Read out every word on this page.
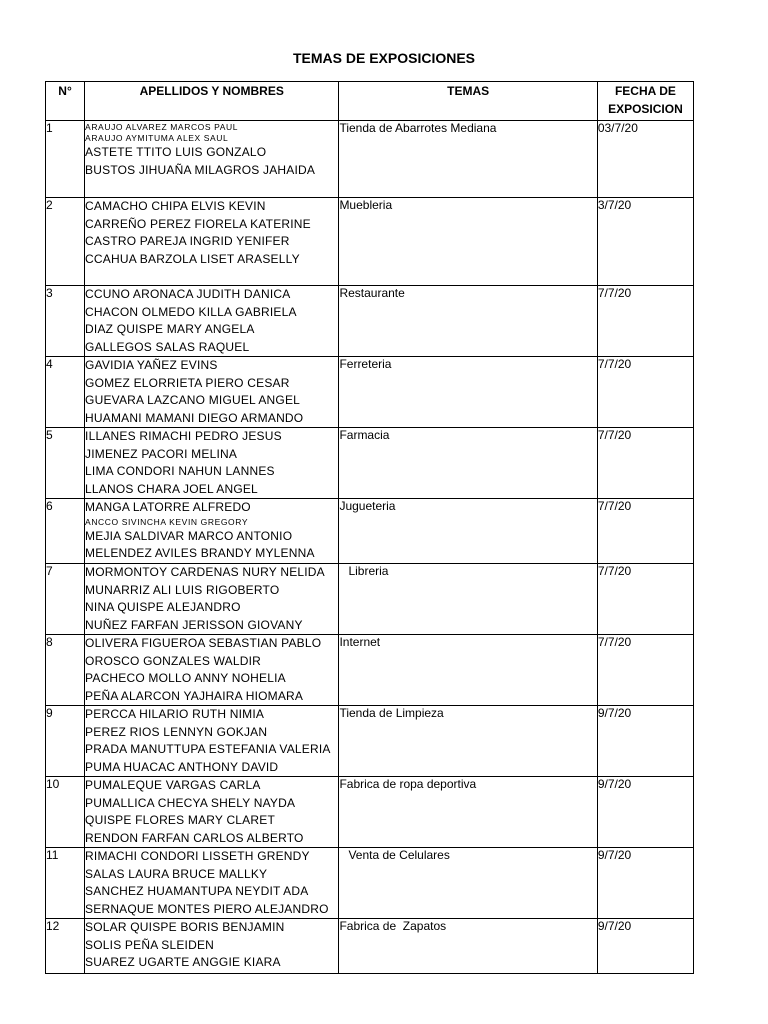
TEMAS DE EXPOSICIONES
N°	APELLIDOS Y NOMBRES	TEMAS	FECHA DE
EXPOSICION
1	ARAUJO ALVAREZ MARCOS PAUL
ARAUJO AYMITUMA ALEX SAUL
ASTETE TTITO LUIS GONZALO
BUSTOS JIHUAÑA MILAGROS JAHAIDA	Tienda de Abarrotes Mediana	03/7/20
2	CAMACHO CHIPA ELVIS KEVIN
CARREÑO PEREZ FIORELA KATERINE
CASTRO PAREJA INGRID YENIFER
CCAHUA BARZOLA LISET ARASELLY	Muebleria	3/7/20
3	CCUNO ARONACA JUDITH DANICA
CHACON OLMEDO KILLA GABRIELA
DIAZ QUISPE MARY ANGELA
GALLEGOS SALAS RAQUEL	Restaurante	7/7/20
4	GAVIDIA YAÑEZ EVINS
GOMEZ ELORRIETA PIERO CESAR
GUEVARA LAZCANO MIGUEL ANGEL
HUAMANI MAMANI DIEGO ARMANDO	Ferreteria	7/7/20
5	ILLANES RIMACHI PEDRO JESUS
JIMENEZ PACORI MELINA
LIMA CONDORI NAHUN LANNES
LLANOS CHARA JOEL ANGEL	Farmacia	7/7/20
6	MANGA LATORRE ALFREDO
ANCCO SIVINCHA KEVIN GREGORY
MEJIA SALDIVAR MARCO ANTONIO
MELENDEZ AVILES BRANDY MYLENNA	Jugueteria	7/7/20
7	MORMONTOY CARDENAS NURY NELIDA
MUNARRIZ ALI LUIS RIGOBERTO
NINA QUISPE ALEJANDRO
NUÑEZ FARFAN JERISSON GIOVANY	Libreria	7/7/20
8	OLIVERA FIGUEROA SEBASTIAN PABLO
OROSCO GONZALES WALDIR
PACHECO MOLLO ANNY NOHELIA
PEÑA ALARCON YAJHAIRA HIOMARA	Internet	7/7/20
9	PERCCA HILARIO RUTH NIMIA
PEREZ RIOS LENNYN GOKJAN
PRADA MANUTTUPA ESTEFANIA VALERIA
PUMA HUACAC ANTHONY DAVID	Tienda de Limpieza	9/7/20
10	PUMALEQUE VARGAS CARLA
PUMALLICA CHECYA SHELY NAYDA
QUISPE FLORES MARY CLARET
RENDON FARFAN CARLOS ALBERTO	Fabrica de ropa deportiva	9/7/20
11	RIMACHI CONDORI LISSETH GRENDY
SALAS LAURA BRUCE MALLKY
SANCHEZ HUAMANTUPA NEYDIT ADA
SERNAQUE MONTES PIERO ALEJANDRO	Venta de Celulares	9/7/20
12	SOLAR QUISPE BORIS BENJAMIN
SOLIS PEÑA SLEIDEN
SUAREZ UGARTE ANGGIE KIARA	Fabrica de  Zapatos	9/7/20
